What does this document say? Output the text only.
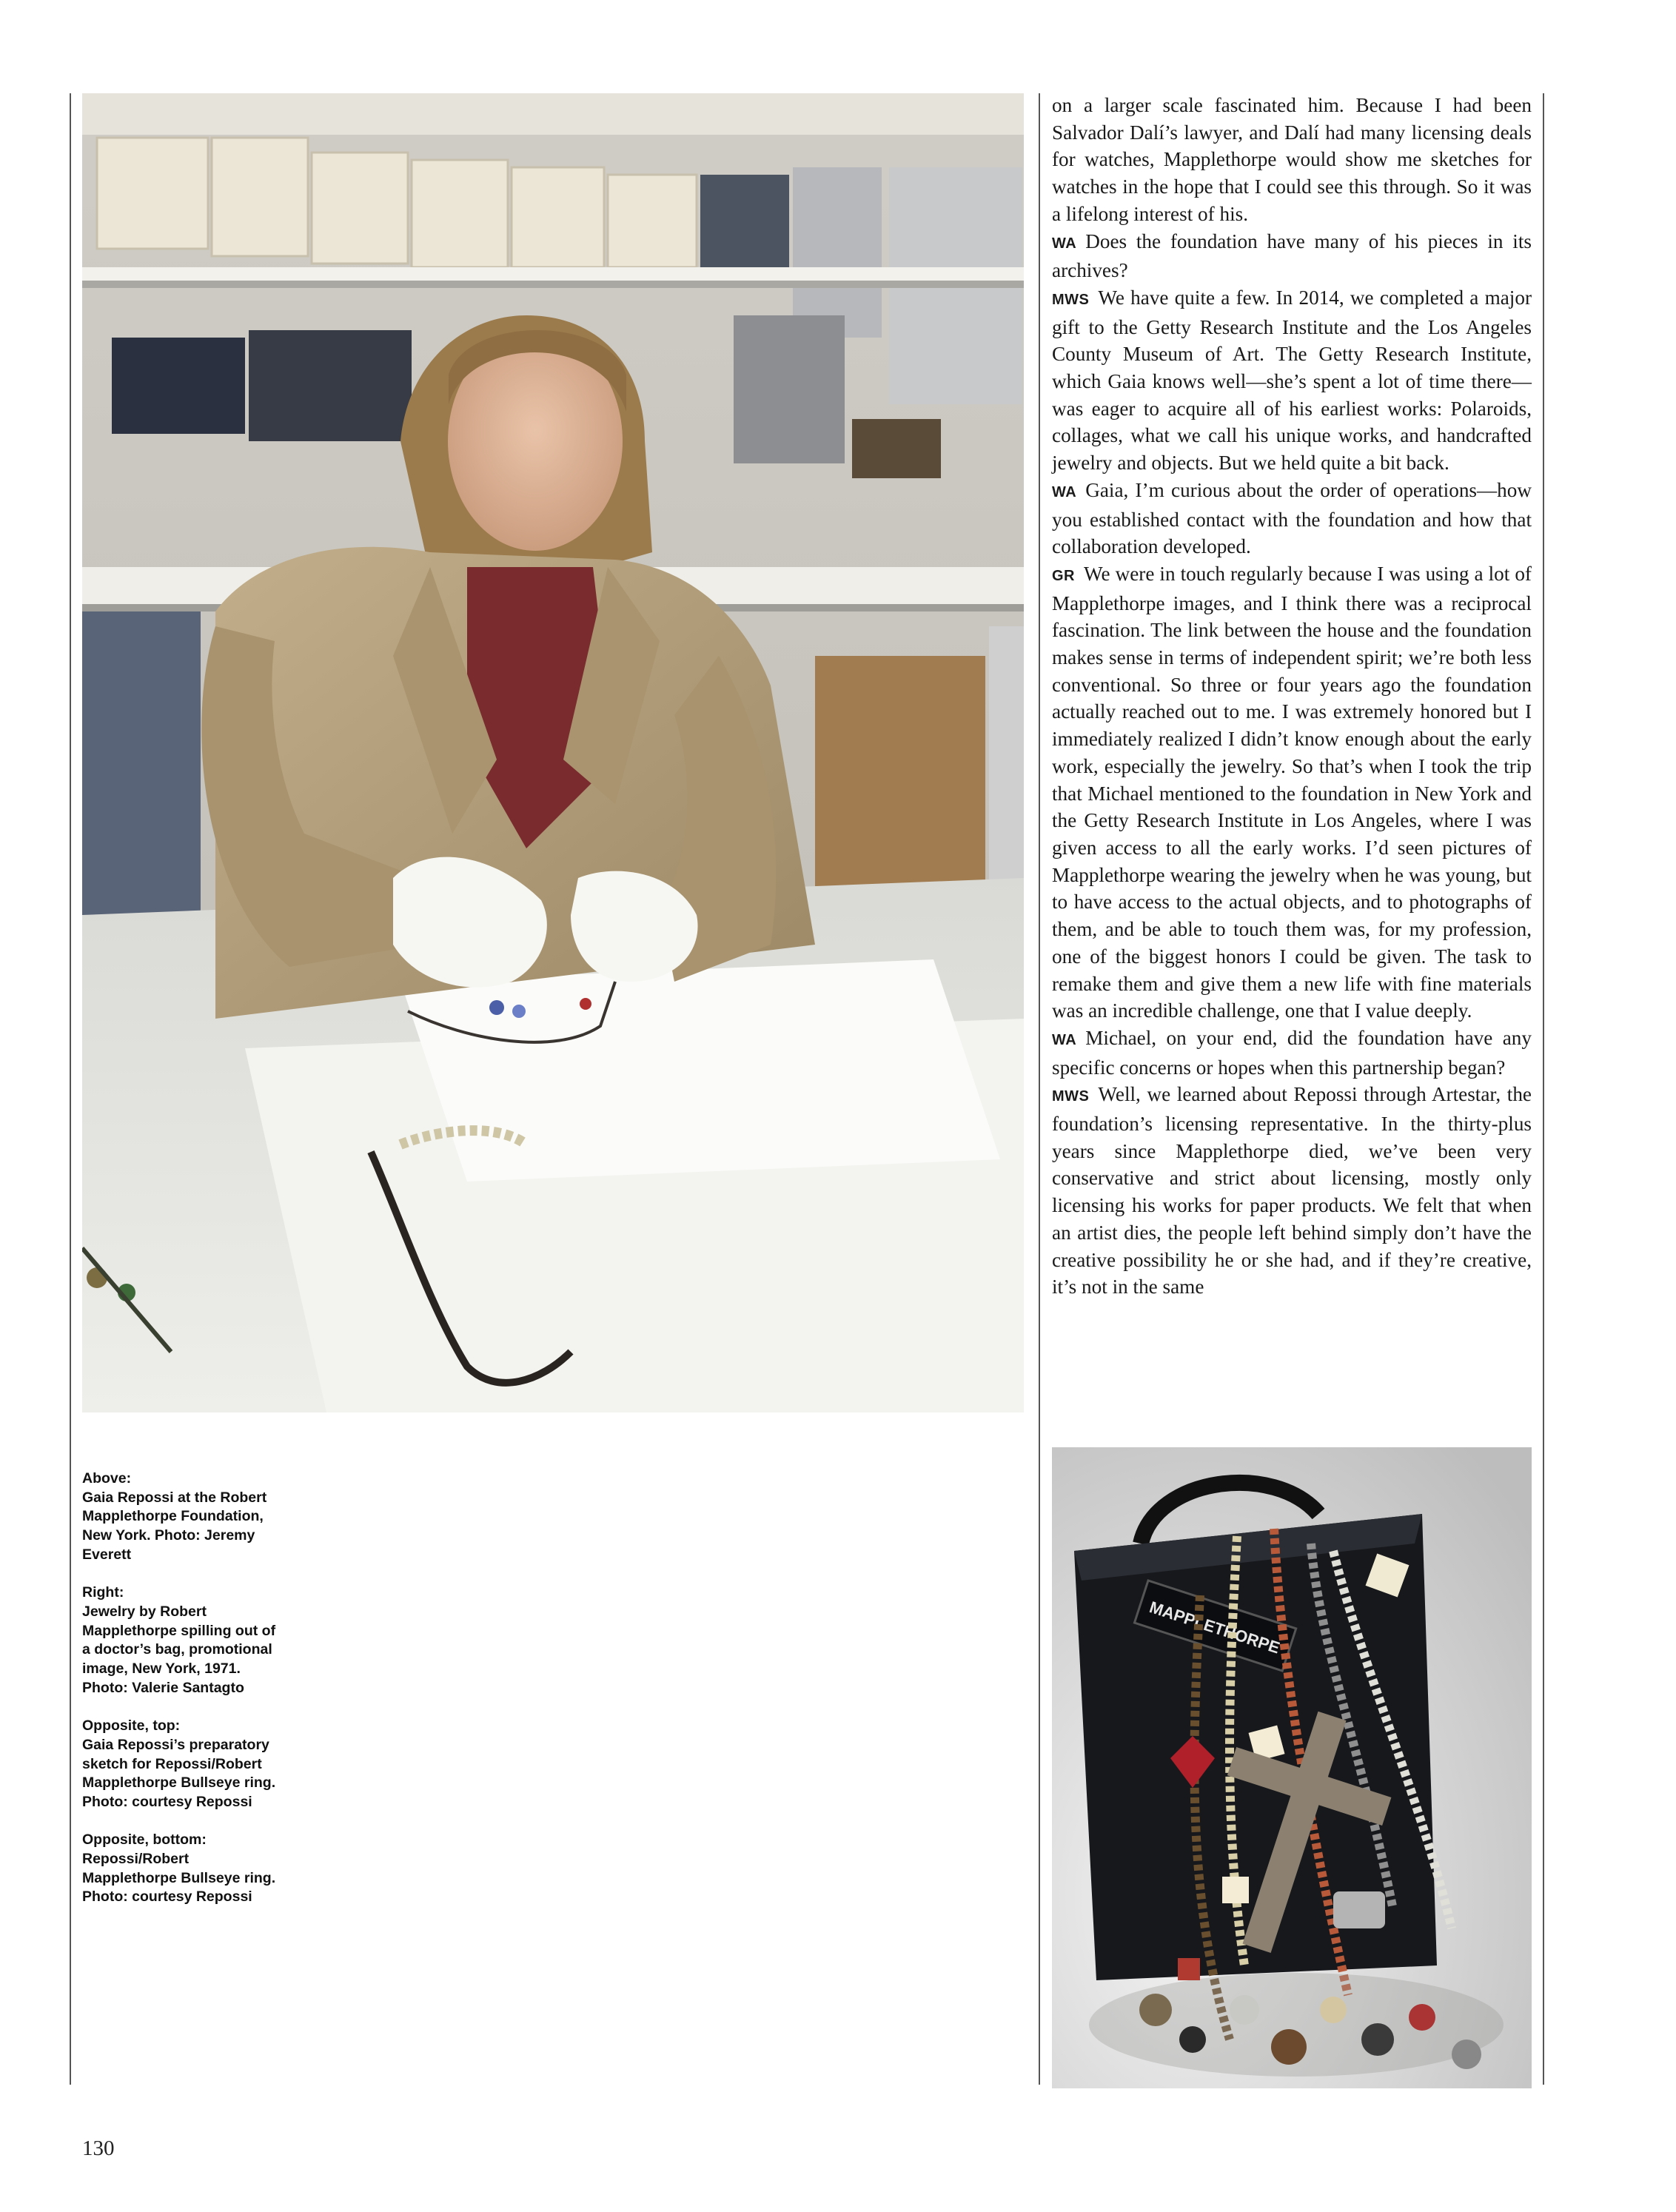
on a larger scale fascinated him. Because I had been Salvador Dalí’s lawyer, and Dalí had many licensing deals for watches, Mapplethorpe would show me sketches for watches in the hope that I could see this through. So it was a lifelong interest of his.

WA Does the foundation have many of his pieces in its archives?

MWS We have quite a few. In 2014, we completed a major gift to the Getty Research Institute and the Los Angeles County Museum of Art. The Getty Research Institute, which Gaia knows well—she’s spent a lot of time there—was eager to acquire all of his earliest works: Polaroids, collages, what we call his unique works, and handcrafted jewelry and objects. But we held quite a bit back.

WA Gaia, I’m curious about the order of operations—how you established contact with the foundation and how that collaboration developed.

GR We were in touch regularly because I was using a lot of Mapplethorpe images, and I think there was a reciprocal fascination. The link between the house and the foundation makes sense in terms of independent spirit; we’re both less conventional. So three or four years ago the foundation actually reached out to me. I was extremely honored but I immediately realized I didn’t know enough about the early work, especially the jewelry. So that’s when I took the trip that Michael mentioned to the foundation in New York and the Getty Research Institute in Los Angeles, where I was given access to all the early works. I’d seen pictures of Mapplethorpe wearing the jewelry when he was young, but to have access to the actual objects, and to photographs of them, and be able to touch them was, for my profession, one of the biggest honors I could be given. The task to remake them and give them a new life with fine materials was an incredible challenge, one that I value deeply.

WA Michael, on your end, did the foundation have any specific concerns or hopes when this partnership began?

MWS Well, we learned about Repossi through Artestar, the foundation’s licensing representative. In the thirty-plus years since Mapplethorpe died, we’ve been very conservative and strict about licensing, mostly only licensing his works for paper products. We felt that when an artist dies, the people left behind simply don’t have the creative possibility he or she had, and if they’re creative, it’s not in the same

MAPPLETHORPE
Above:
Gaia Repossi at the Robert
Mapplethorpe Foundation,
New York. Photo: Jeremy
Everett
Right:
Jewelry by Robert
Mapplethorpe spilling out of
a doctor’s bag, promotional
image, New York, 1971.
Photo: Valerie Santagto
Opposite, top:
Gaia Repossi’s preparatory
sketch for Repossi/Robert
Mapplethorpe Bullseye ring.
Photo: courtesy Repossi
Opposite, bottom:
Repossi/Robert
Mapplethorpe Bullseye ring.
Photo: courtesy Repossi
130
